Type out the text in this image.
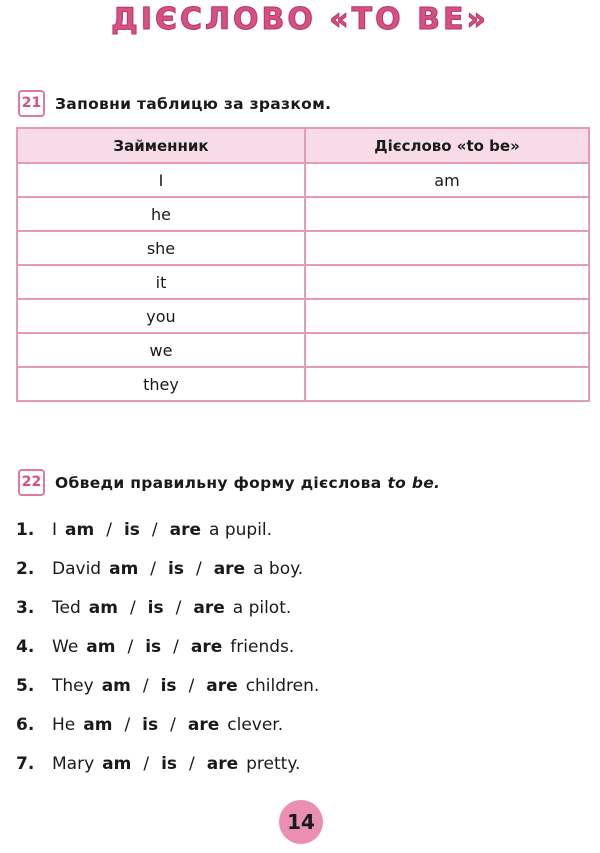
ДІЄСЛОВО «TO BE»
21 Заповни таблицю за зразком.
Займенник	Дієслово «to be»
I	am
he	
she	
it	
you	
we	
they	
22 Обведи правильну форму дієслова to be.
1.	I am / is / are a pupil.
2.	David am / is / are a boy.
3.	Ted am / is / are a pilot.
4.	We am / is / are friends.
5.	They am / is / are children.
6.	He am / is / are clever.
7.	Mary am / is / are pretty.
14
